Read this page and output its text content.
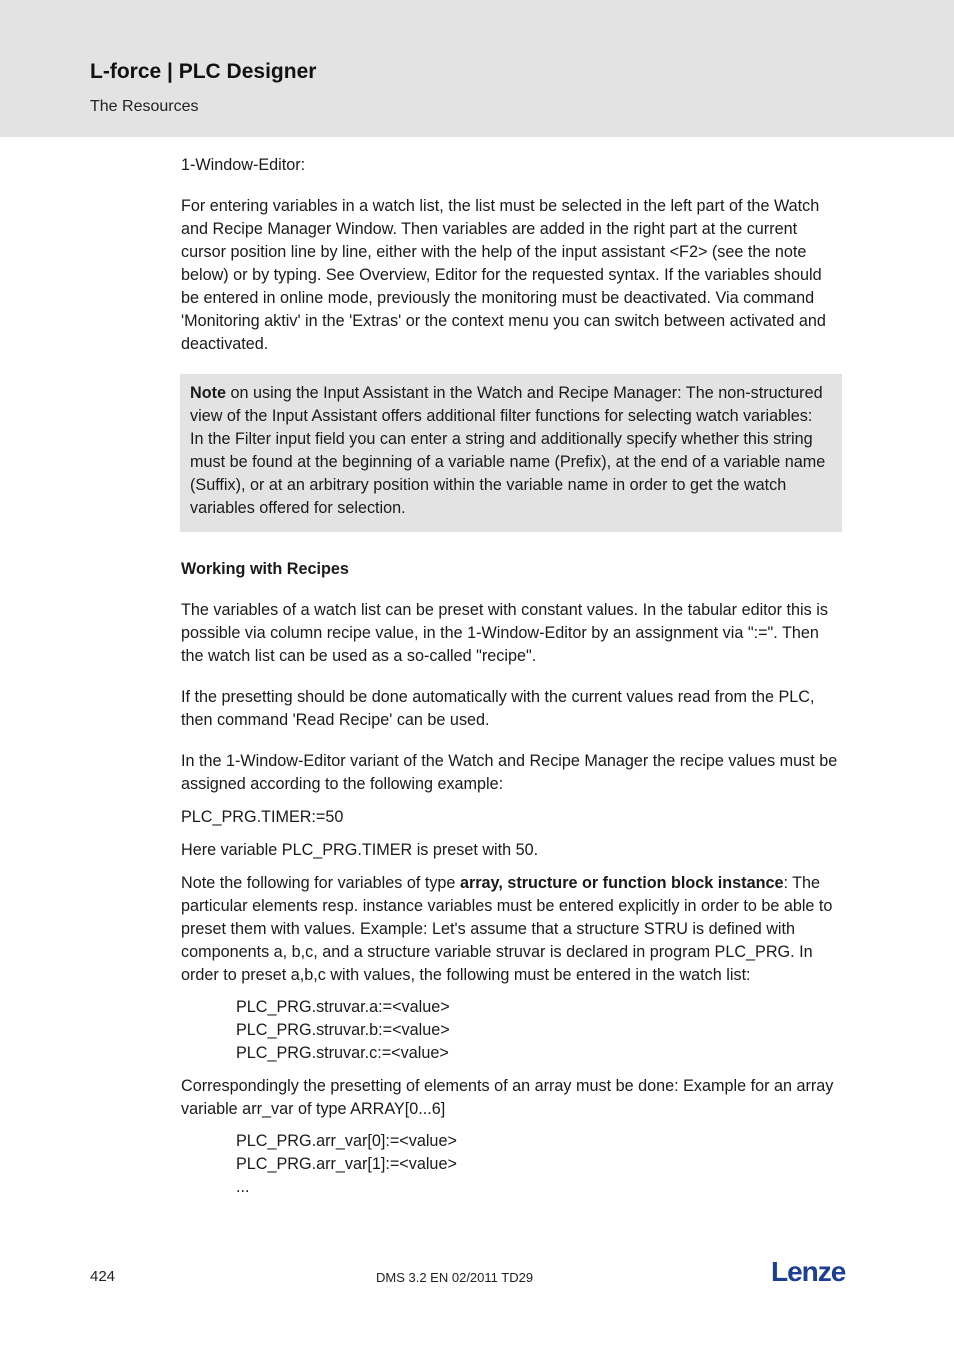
L-force | PLC Designer
The Resources

1-Window-Editor:

For entering variables in a watch list, the list must be selected in the left part of the Watch and Recipe Manager Window. Then variables are added in the right part at the current cursor position line by line, either with the help of the input assistant <F2> (see the note below) or by typing. See Overview, Editor for the requested syntax. If the variables should be entered in online mode, previously the monitoring must be deactivated. Via command 'Monitoring aktiv' in the 'Extras' or the context menu you can switch between activated and deactivated.

Note on using the Input Assistant in the Watch and Recipe Manager: The non-structured view of the Input Assistant offers additional filter functions for selecting watch variables: In the Filter input field you can enter a string and additionally specify whether this string must be found at the beginning of a variable name (Prefix), at the end of a variable name (Suffix), or at an arbitrary position within the variable name in order to get the watch variables offered for selection.

Working with Recipes

The variables of a watch list can be preset with constant values. In the tabular editor this is possible via column recipe value, in the 1-Window-Editor by an assignment via ":=". Then the watch list can be used as a so-called "recipe".

If the presetting should be done automatically with the current values read from the PLC, then command 'Read Recipe' can be used.

In the 1-Window-Editor variant of the Watch and Recipe Manager the recipe values must be assigned according to the following example:

PLC_PRG.TIMER:=50

Here variable PLC_PRG.TIMER is preset with 50.

Note the following for variables of type array, structure or function block instance: The particular elements resp. instance variables must be entered explicitly in order to be able to preset them with values. Example: Let's assume that a structure STRU is defined with components a, b,c, and a structure variable struvar is declared in program PLC_PRG. In order to preset a,b,c with values, the following must be entered in the watch list:

PLC_PRG.struvar.a:=<value>

PLC_PRG.struvar.b:=<value>

PLC_PRG.struvar.c:=<value>

Correspondingly the presetting of elements of an array must be done: Example for an array variable arr_var of type ARRAY[0...6]

PLC_PRG.arr_var[0]:=<value>

PLC_PRG.arr_var[1]:=<value>

...

424	DMS 3.2 EN 02/2011 TD29	Lenze
